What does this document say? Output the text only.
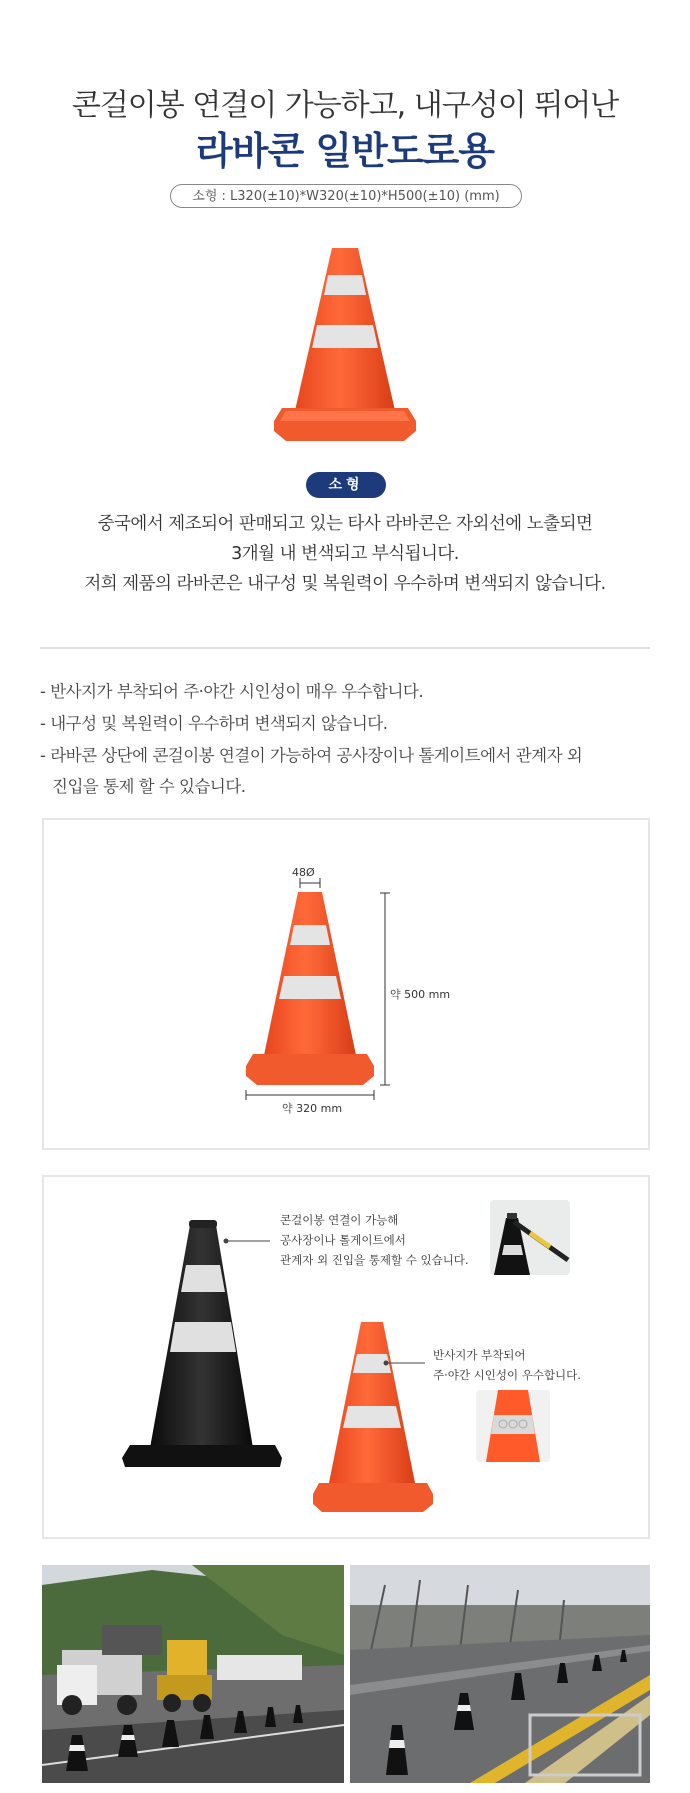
콘걸이봉 연결이 가능하고, 내구성이 뛰어난
라바콘 일반도로용
소형 : L320(±10)*W320(±10)*H500(±10) (mm)
소형
중국에서 제조되어 판매되고 있는 타사 라바콘은 자외선에 노출되면
3개월 내 변색되고 부식됩니다.
저희 제품의 라바콘은 내구성 및 복원력이 우수하며 변색되지 않습니다.
- 반사지가 부착되어 주·야간 시인성이 매우 우수합니다.
- 내구성 및 복원력이 우수하며 변색되지 않습니다.
- 라바콘 상단에 콘걸이봉 연결이 가능하여 공사장이나 톨게이트에서 관계자 외
진입을 통제 할 수 있습니다.
48Ø
약 500 mm
약 320 mm
콘걸이봉 연결이 가능해
공사장이나 톨게이트에서
관계자 외 진입을 통제할 수 있습니다.
반사지가 부착되어
주·야간 시인성이 우수합니다.
